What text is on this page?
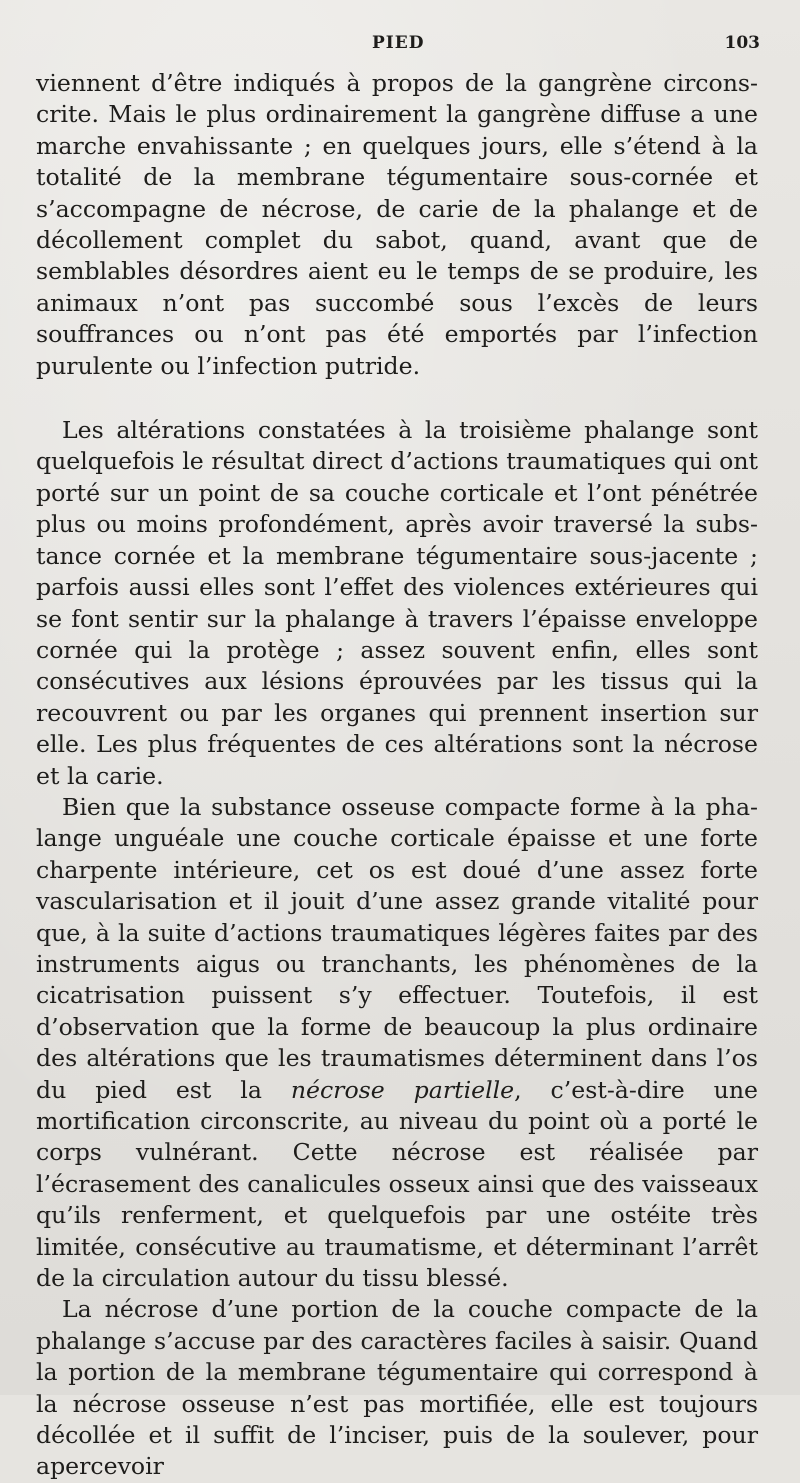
PIED	103

viennent d’être indiqués à propos de la gangrène circonscrite. Mais le plus ordinairement la gangrène diffuse a une marche envahissante ; en quelques jours, elle s’étend à la totalité de la membrane tégumentaire sous-cornée et s’accompagne de nécrose, de carie de la phalange et de décollement complet du sabot, quand, avant que de semblables désordres aient eu le temps de se produire, les animaux n’ont pas succombé sous l’excès de leurs souffrances ou n’ont pas été emportés par l’infection purulente ou l’infection putride.

Les altérations constatées à la troisième phalange sont quelquefois le résultat direct d’actions traumatiques qui ont porté sur un point de sa couche corticale et l’ont pénétrée plus ou moins profondément, après avoir traversé la substance cornée et la membrane tégumentaire sous-jacente ; parfois aussi elles sont l’effet des violences extérieures qui se font sentir sur la phalange à travers l’épaisse enveloppe cornée qui la protège ; assez souvent enfin, elles sont consécutives aux lésions éprouvées par les tissus qui la recouvrent ou par les organes qui prennent insertion sur elle. Les plus fréquentes de ces altérations sont la nécrose et la carie.

Bien que la substance osseuse compacte forme à la phalange unguéale une couche corticale épaisse et une forte charpente intérieure, cet os est doué d’une assez forte vascularisation et il jouit d’une assez grande vitalité pour que, à la suite d’actions traumatiques légères faites par des instruments aigus ou tranchants, les phénomènes de la cicatrisation puissent s’y effectuer. Toutefois, il est d’observation que la forme de beaucoup la plus ordinaire des altérations que les traumatismes déterminent dans l’os du pied est la nécrose partielle, c’est-à-dire une mortification circonscrite, au niveau du point où a porté le corps vulnérant. Cette nécrose est réalisée par l’écrasement des canalicules osseux ainsi que des vaisseaux qu’ils renferment, et quelquefois par une ostéite très limitée, consécutive au traumatisme, et déterminant l’arrêt de la circulation autour du tissu blessé.

La nécrose d’une portion de la couche compacte de la phalange s’accuse par des caractères faciles à saisir. Quand la portion de la membrane tégumentaire qui correspond à la nécrose osseuse n’est pas mortifiée, elle est toujours décollée et il suffit de l’inciser, puis de la soulever, pour apercevoir
